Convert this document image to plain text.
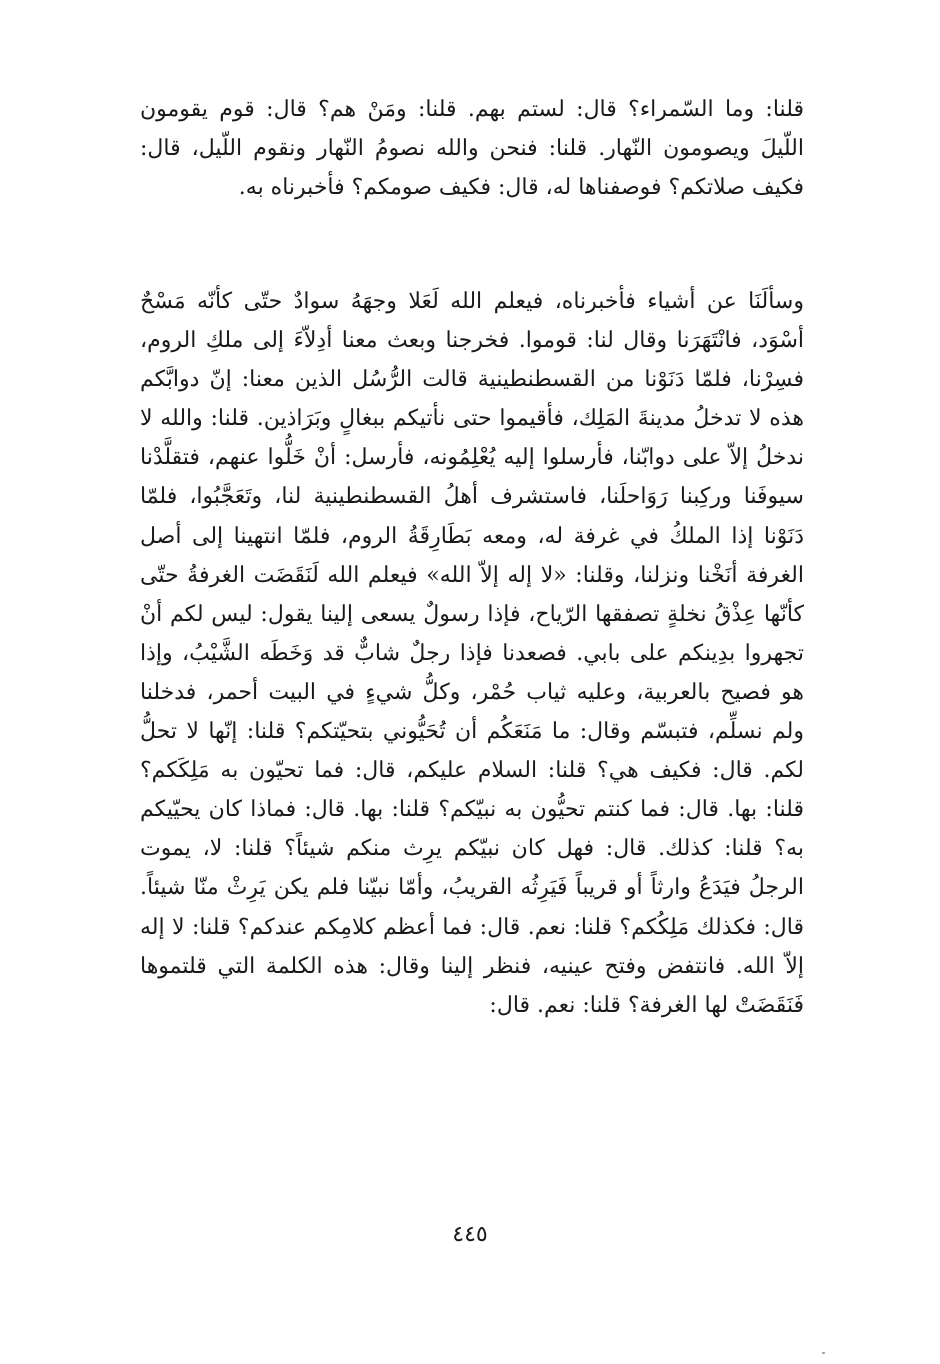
قلنا: وما السّمراء؟ قال: لستم بهم. قلنا: ومَنْ هم؟ قال: قوم يقومون اللّيلَ ويصومون النّهار. قلنا: فنحن والله نصومُ النّهار ونقوم اللّيل، قال: فكيف صلاتكم؟ فوصفناها له، قال: فكيف صومكم؟ فأخبرناه به.

وسألَنَا عن أشياء فأخبرناه، فيعلم الله لَعَلا وجهَهُ سوادٌ حتّى كأنّه مَسْحٌ أسْوَد، فانْتَهَرَنا وقال لنا: قوموا. فخرجنا وبعث معنا أدِلاّءَ إلى ملكِ الروم، فسِرْنا، فلمّا دَنَوْنا من القسطنطينية قالت الرُّسُل الذين معنا: إنّ دوابَّكم هذه لا تدخلُ مدينةَ المَلِك، فأقيموا حتى نأتيكم ببغالٍ وبَرَاذين. قلنا: والله لا ندخلُ إلاّ على دوابّنا، فأرسلوا إليه يُعْلِمُونه، فأرسل: أنْ خَلُّوا عنهم، فتقلَّدْنا سيوفَنا وركِبنا رَوَاحلَنا، فاستشرف أهلُ القسطنطينية لنا، وتَعَجَّبُوا، فلمّا دَنَوْنا إذا الملكُ في غرفة له، ومعه بَطَارِقَةُ الروم، فلمّا انتهينا إلى أصل الغرفة أنَخْنا ونزلنا، وقلنا: «لا إله إلاّ الله» فيعلم الله لَنَقَضَت الغرفةُ حتّى كأنّها عِذْقُ نخلةٍ تصفقها الرّياح، فإذا رسولٌ يسعى إلينا يقول: ليس لكم أنْ تجهروا بدِينكم على بابي. فصعدنا فإذا رجلٌ شابٌّ قد وَخَطَه الشَّيْبُ، وإذا هو فصيح بالعربية، وعليه ثياب حُمْر، وكلُّ شيءٍ في البيت أحمر، فدخلنا ولم نسلِّم، فتبسّم وقال: ما مَنَعَكُم أن تُحَيُّوني بتحيّتكم؟ قلنا: إنّها لا تحلُّ لكم. قال: فكيف هي؟ قلنا: السلام عليكم، قال: فما تحيّون به مَلِكَكم؟ قلنا: بها. قال: فما كنتم تحيُّون به نبيّكم؟ قلنا: بها. قال: فماذا كان يحيّيكم به؟ قلنا: كذلك. قال: فهل كان نبيّكم يرِث منكم شيئاً؟ قلنا: لا، يموت الرجلُ فيَدَعُ وارثاً أو قريباً فَيَرِثُه القريبُ، وأمّا نبيّنا فلم يكن يَرِثْ منّا شيئاً. قال: فكذلك مَلِكُكم؟ قلنا: نعم. قال: فما أعظم كلامِكم عندكم؟ قلنا: لا إله إلاّ الله. فانتفض وفتح عينيه، فنظر إلينا وقال: هذه الكلمة التي قلتموها فَنَقَضَتْ لها الغرفة؟ قلنا: نعم. قال:

٤٤٥
